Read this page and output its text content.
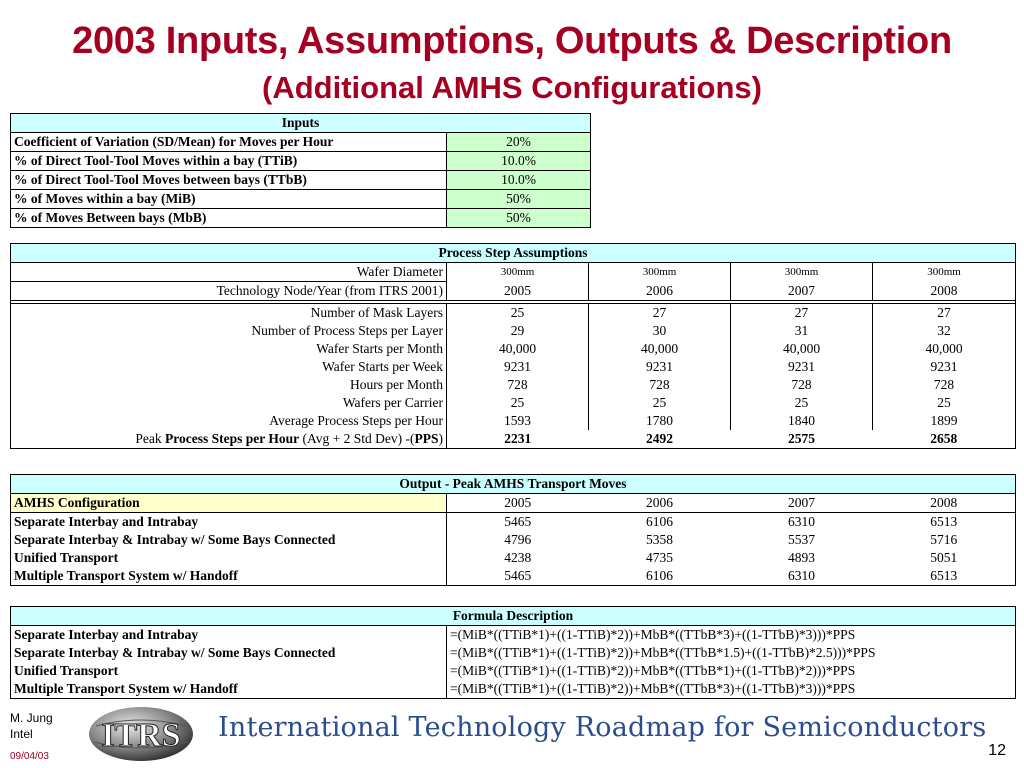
2003 Inputs, Assumptions, Outputs & Description
(Additional AMHS Configurations)
Inputs	
Coefficient of Variation (SD/Mean) for Moves per Hour	20%
% of Direct Tool-Tool Moves within a bay (TTiB)	10.0%
% of Direct Tool-Tool Moves between bays (TTbB)	10.0%
% of Moves within a bay (MiB)	50%
% of Moves Between bays (MbB)	50%
Process Step Assumptions				
Wafer Diameter	300mm	300mm	300mm	300mm
Technology Node/Year (from ITRS 2001)	2005	2006	2007	2008

Number of Mask Layers	25	27	27	27
Number of Process Steps per Layer	29	30	31	32
Wafer Starts per Month	40,000	40,000	40,000	40,000
Wafer Starts per Week	9231	9231	9231	9231
Hours per Month	728	728	728	728
Wafers per Carrier	25	25	25	25
Average Process Steps per Hour	1593	1780	1840	1899
Peak Process Steps per Hour (Avg + 2 Std Dev) -(PPS)	2231	2492	2575	2658
Output - Peak AMHS Transport Moves				
AMHS Configuration	2005	2006	2007	2008
Separate Interbay and Intrabay	5465	6106	6310	6513
Separate Interbay & Intrabay w/ Some Bays Connected	4796	5358	5537	5716
Unified Transport	4238	4735	4893	5051
Multiple Transport System w/ Handoff	5465	6106	6310	6513
Formula Description	
Separate Interbay and Intrabay	=(MiB*((TTiB*1)+((1-TTiB)*2))+MbB*((TTbB*3)+((1-TTbB)*3)))*PPS
Separate Interbay & Intrabay w/ Some Bays Connected	=(MiB*((TTiB*1)+((1-TTiB)*2))+MbB*((TTbB*1.5)+((1-TTbB)*2.5)))*PPS
Unified Transport	=(MiB*((TTiB*1)+((1-TTiB)*2))+MbB*((TTbB*1)+((1-TTbB)*2)))*PPS
Multiple Transport System w/ Handoff	=(MiB*((TTiB*1)+((1-TTiB)*2))+MbB*((TTbB*3)+((1-TTbB)*3)))*PPS
M. Jung
Intel
09/04/03
ITRS International Technology Roadmap for Semiconductors
12
